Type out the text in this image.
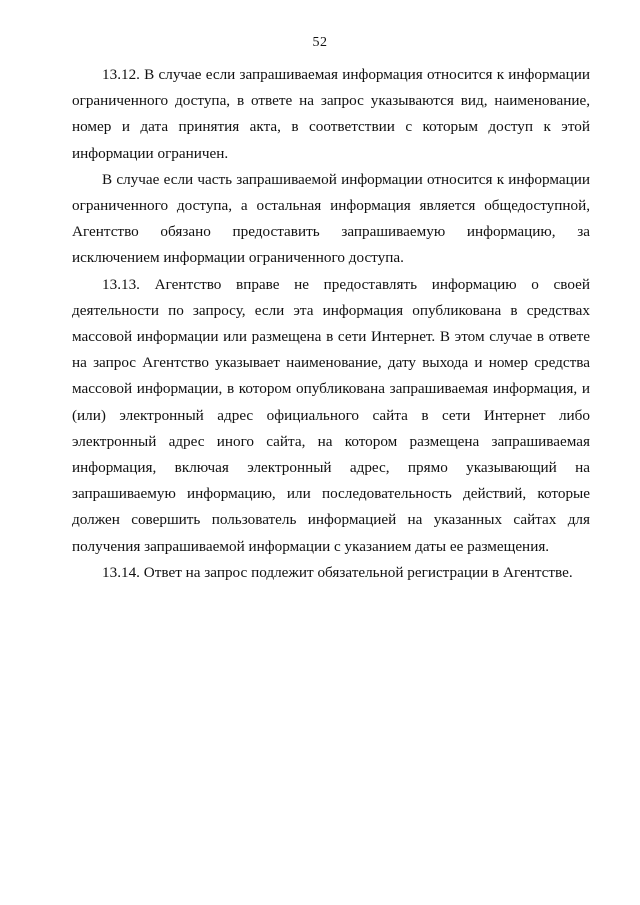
52

13.12. В случае если запрашиваемая информация относится к информации ограниченного доступа, в ответе на запрос указываются вид, наименование, номер и дата принятия акта, в соответствии с которым доступ к этой информации ограничен.

В случае если часть запрашиваемой информации относится к информации ограниченного доступа, а остальная информация является общедоступной, Агентство обязано предоставить запрашиваемую информацию, за исключением информации ограниченного доступа.

13.13. Агентство вправе не предоставлять информацию о своей деятельности по запросу, если эта информация опубликована в средствах массовой информации или размещена в сети Интернет. В этом случае в ответе на запрос Агентство указывает наименование, дату выхода и номер средства массовой информации, в котором опубликована запрашиваемая информация, и (или) электронный адрес официального сайта в сети Интернет либо электронный адрес иного сайта, на котором размещена запрашиваемая информация, включая электронный адрес, прямо указывающий на запрашиваемую информацию, или последовательность действий, которые должен совершить пользователь информацией на указанных сайтах для получения запрашиваемой информации с указанием даты ее размещения.

13.14. Ответ на запрос подлежит обязательной регистрации в Агентстве.
